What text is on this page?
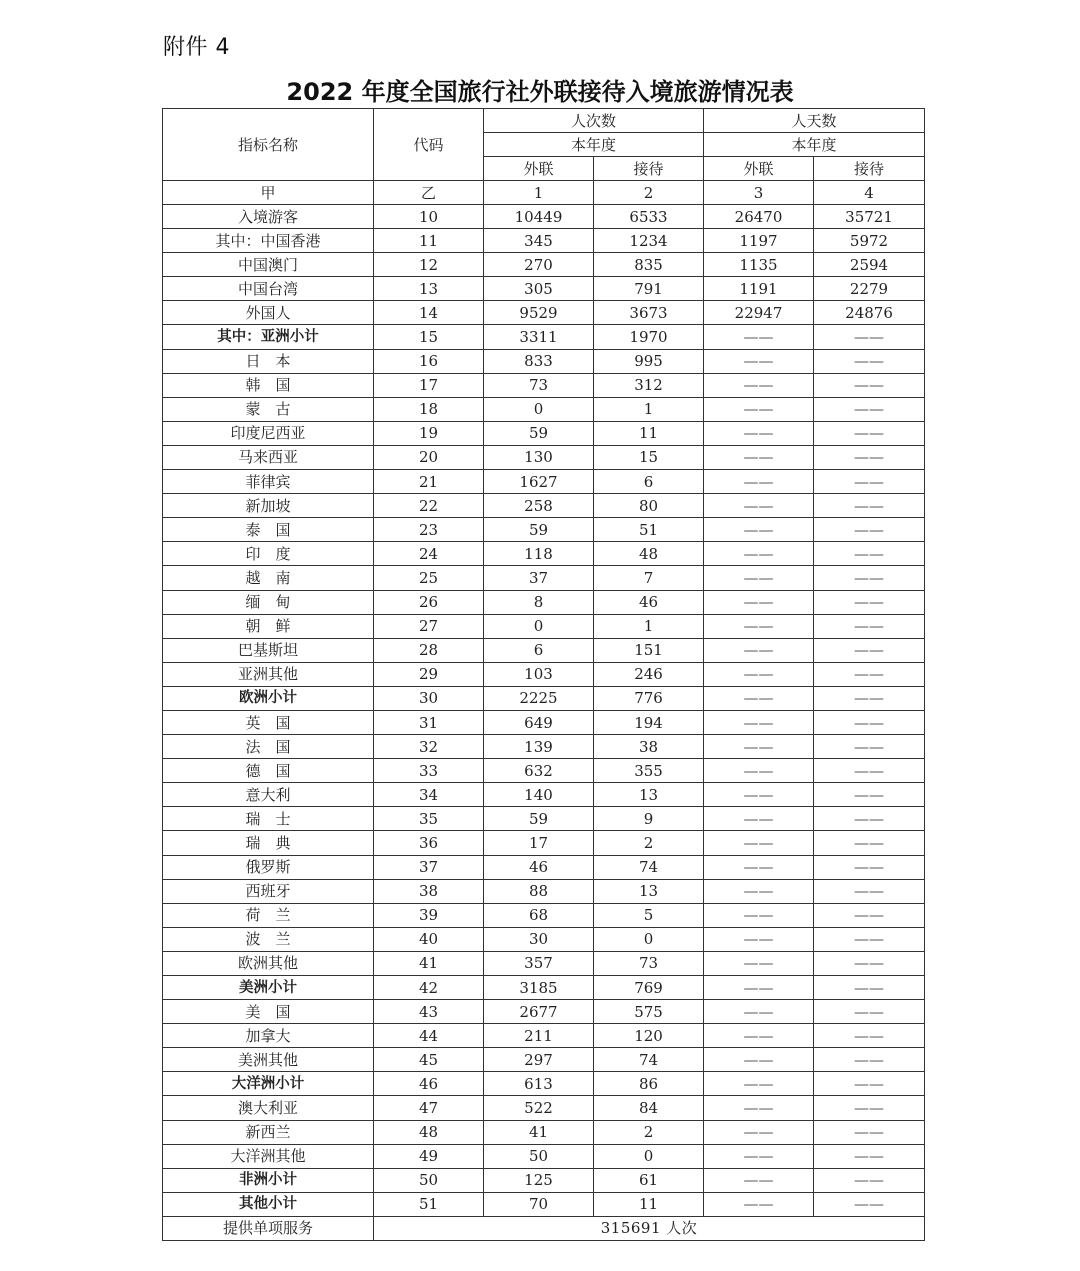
附件 4
2022 年度全国旅行社外联接待入境旅游情况表
指标名称	代码	人次数		人天数	
		本年度		本年度	
		外联	接待	外联	接待
甲	乙	1	2	3	4
入境游客	10	10449	6533	26470	35721
其中：中国香港	11	345	1234	1197	5972
中国澳门	12	270	835	1135	2594
中国台湾	13	305	791	1191	2279
外国人	14	9529	3673	22947	24876
其中：亚洲小计	15	3311	1970	——	——
日　本	16	833	995	——	——
韩　国	17	73	312	——	——
蒙　古	18	0	1	——	——
印度尼西亚	19	59	11	——	——
马来西亚	20	130	15	——	——
菲律宾	21	1627	6	——	——
新加坡	22	258	80	——	——
泰　国	23	59	51	——	——
印　度	24	118	48	——	——
越　南	25	37	7	——	——
缅　甸	26	8	46	——	——
朝　鲜	27	0	1	——	——
巴基斯坦	28	6	151	——	——
亚洲其他	29	103	246	——	——
欧洲小计	30	2225	776	——	——
英　国	31	649	194	——	——
法　国	32	139	38	——	——
德　国	33	632	355	——	——
意大利	34	140	13	——	——
瑞　士	35	59	9	——	——
瑞　典	36	17	2	——	——
俄罗斯	37	46	74	——	——
西班牙	38	88	13	——	——
荷　兰	39	68	5	——	——
波　兰	40	30	0	——	——
欧洲其他	41	357	73	——	——
美洲小计	42	3185	769	——	——
美　国	43	2677	575	——	——
加拿大	44	211	120	——	——
美洲其他	45	297	74	——	——
大洋洲小计	46	613	86	——	——
澳大利亚	47	522	84	——	——
新西兰	48	41	2	——	——
大洋洲其他	49	50	0	——	——
非洲小计	50	125	61	——	——
其他小计	51	70	11	——	——
提供单项服务	315691 人次				
